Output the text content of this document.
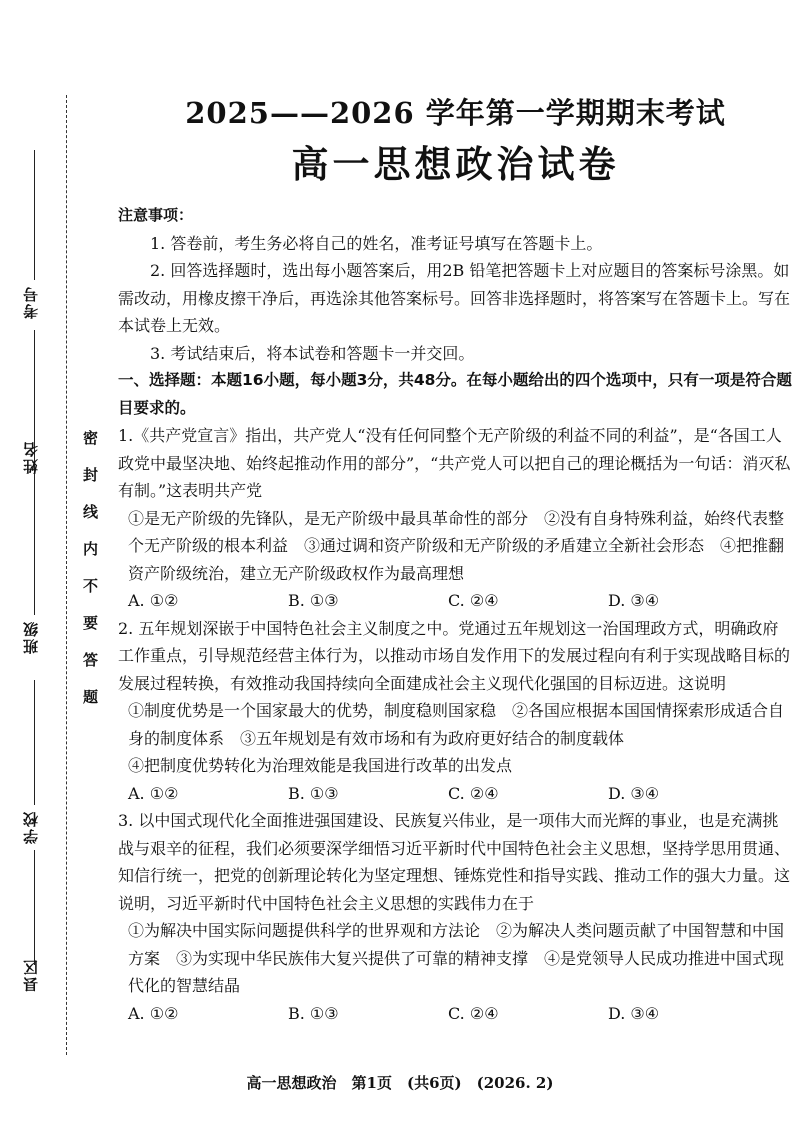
考号
姓名
班级
学校
县区
密封线内不要答题
2025——2026 学年第一学期期末考试
高一思想政治试卷

注意事项：

1. 答卷前，考生务必将自己的姓名，准考证号填写在答题卡上。

2. 回答选择题时，选出每小题答案后，用2B 铅笔把答题卡上对应题目的答案标号涂黑。如需改动，用橡皮擦干净后，再选涂其他答案标号。回答非选择题时，将答案写在答题卡上。写在本试卷上无效。

3. 考试结束后，将本试卷和答题卡一并交回。

一、选择题：本题16小题，每小题3分，共48分。在每小题给出的四个选项中，只有一项是符合题目要求的。

1.《共产党宣言》指出，共产党人“没有任何同整个无产阶级的利益不同的利益”，是“各国工人政党中最坚决地、始终起推动作用的部分”，“共产党人可以把自己的理论概括为一句话：消灭私有制。”这表明共产党

①是无产阶级的先锋队，是无产阶级中最具革命性的部分　②没有自身特殊利益，始终代表整个无产阶级的根本利益　③通过调和资产阶级和无产阶级的矛盾建立全新社会形态　④把推翻资产阶级统治，建立无产阶级政权作为最高理想

A. ①②	B. ①③	C. ②④	D. ③④

2. 五年规划深嵌于中国特色社会主义制度之中。党通过五年规划这一治国理政方式，明确政府工作重点，引导规范经营主体行为，以推动市场自发作用下的发展过程向有利于实现战略目标的发展过程转换，有效推动我国持续向全面建成社会主义现代化强国的目标迈进。这说明

①制度优势是一个国家最大的优势，制度稳则国家稳　②各国应根据本国国情探索形成适合自身的制度体系　③五年规划是有效市场和有为政府更好结合的制度载体

④把制度优势转化为治理效能是我国进行改革的出发点

A. ①②	B. ①③	C. ②④	D. ③④

3. 以中国式现代化全面推进强国建设、民族复兴伟业，是一项伟大而光辉的事业，也是充满挑战与艰辛的征程，我们必须要深学细悟习近平新时代中国特色社会主义思想，坚持学思用贯通、知信行统一，把党的创新理论转化为坚定理想、锤炼党性和指导实践、推动工作的强大力量。这说明，习近平新时代中国特色社会主义思想的实践伟力在于

①为解决中国实际问题提供科学的世界观和方法论　②为解决人类问题贡献了中国智慧和中国方案　③为实现中华民族伟大复兴提供了可靠的精神支撑　④是党领导人民成功推进中国式现代化的智慧结晶

A. ①②	B. ①③	C. ②④	D. ③④
高一思想政治　第1页　(共6页)　(2026. 2)
